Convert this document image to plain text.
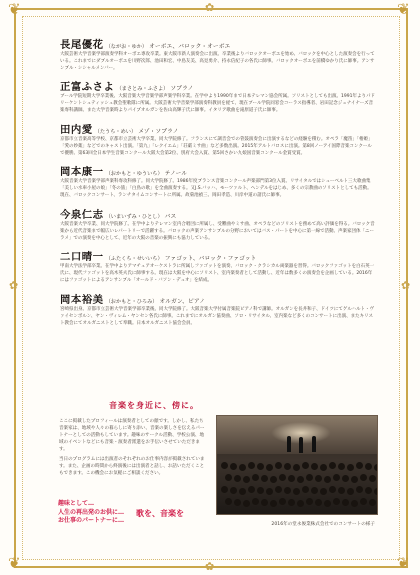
❦	❦
❦	❦
✿
✿
✿	✿
長尾優花 （ながお・ゆか） オーボエ、バロック・オーボエ

大阪芸術大学音楽学部演奏学科オーボエ専攻卒業。東大阪市新人演奏会に出演。卒業後よりバロックオーボエを始め、バロックを中心とした演奏会を行っている。これまでにダブルオーボエを川野次郎、池田和宏、中島友美、高見勇介、持永信紀子の各氏に師事。バロックオーボエを前橋ゆかり氏に師事。アンサンブル・シシャルメンバー。

正富ふさよ （まさとみ・ふさよ） ソプラノ

ブール学院短期大学卒業後、大阪音楽大学音楽学部声楽学科卒業。在学中より1990年まで日本テレマン協会所属。ソリストとしても出演。1991年よりパドリーケントシュティッシュ教会聖歌隊に所属。大阪芸術大学音楽学部演奏科教員を経て、現在ブール学院同窓会コーラス指導者、岩田記念ジュナイナーズ音楽専科講師。また大学音楽時よりパイプオルガンを佐山高輝子氏に師事。イタリア歌曲を滝原道子氏に師事。

田内愛 （たうち・めい） メゾ・ソプラノ

京都市立音楽高等学校、京都市立芸術大学卒業、同大学院修了。フランスにて調音会での菅鼓演奏会に出演するなどの経験を積む。オペラ「魔笛」「椿姫」「愛の妙薬」などでのキャスト出演。「第九」「レクイエム」「荘厳ミサ曲」など多数出演。2015年アルトバロスに出演。第8回ノーアイ国際音楽コンクールで優勝。第63回全日本学生音楽コンクール大阪大会第2位、別府大会入賞、第5回さかい九娘国音楽コンクール金賞受賞。

岡本康一 （おかもと・ゆういち） テノール

大阪音楽大学音楽学部声楽科専攻科修了。同大学院修了。1986年度ブランス音楽コンクール声楽部門第3位入賞。リサイタルではシューベルト三大歌曲集「美しい水車小屋の娘」「冬の旅」「白鳥の歌」を全曲演奏する。又J.S.バッハ、モーツァルト、ヘンデルをはじめ、多くの宗教曲のソリストとしても活動。現在、バロックコンサート、ランチタイムコンサートに所属。故菊池禎三、岡田孝造、川岸中道の諸氏に師事。

今泉仁志 （いまいずみ・ひとし） バス

大阪音楽大学卒業、同大学院修了。在学中よりテレマン室内合唱団に所属し、受難曲やミサ曲、オペラなどのソリストを務めて高い評価を得る。バロック音楽から近代音楽まで幅広いレパートリーで活躍する。バロックの声楽アンサンブルの分野においてはバス・パートを中心に第一線で活動。声楽家団体「ニーラメ」での演奏を中心として、近年の大阪の音楽の振興にも協力している。

二口晴一 （ふたくち・せいいち） ファゴット、バロック・ファゴット

甲南大学法学部卒業。在学中よりアマチュアオーケストラに所属しファゴットを演奏、バロック・クラシカル両楽器を習得。バロックファゴットを白石英一氏に、現代ファゴットを高木英夫氏に師事する。現在は大阪を中心にソリスト、室内楽奏者として活動し、近年は数多くの演奏会を企画している。2016年にはファゴットによるアンサンブル「オールド・バソン・デュオ」を結成。

岡本裕美 （おかもと・ひろみ） オルガン、ピアノ

宮崎県出身。京都市立芸術大学音楽学部卒業後、同大学院修了。大阪音楽大学付属音楽院ピアノ科で講師。オルガンを長井和子、ドイツにてゲルハルト・ヴァイセンボルン、ヤン・ヴィレム・ヤンセン各氏に師事。これまでにオルガン協奏曲、ソロ・リサイタル、室内楽など多くのコンサートに出演、またキリスト教会にてオルガニストとして奉職。日本オルガニスト協会会員。

音楽を身近に、傍に。

ここに掲載したプロフィールは演奏者としての顔です。しかし、私たち音楽家は、地域や人々の暮らしに寄り添い、音楽の楽しさを伝えるパートナーとしての活動もしています。趣味のサークル活動、学校公演、地域のイベントなどにも音楽・演奏者派遣をお手伝いさせていただきます。

当日のプログラムには出演者のそれぞれのお仕事内容が掲載されています。また、企画の時間から終演後には出演者と話し、お話いただくこともできます。この機会にお気軽にご相談ください。

趣味として…
人生の再出発のお供に…
お仕事のパートナーに…
歌を、音楽を
2016年の堂永俊業株式会社でのコンサートの様子
